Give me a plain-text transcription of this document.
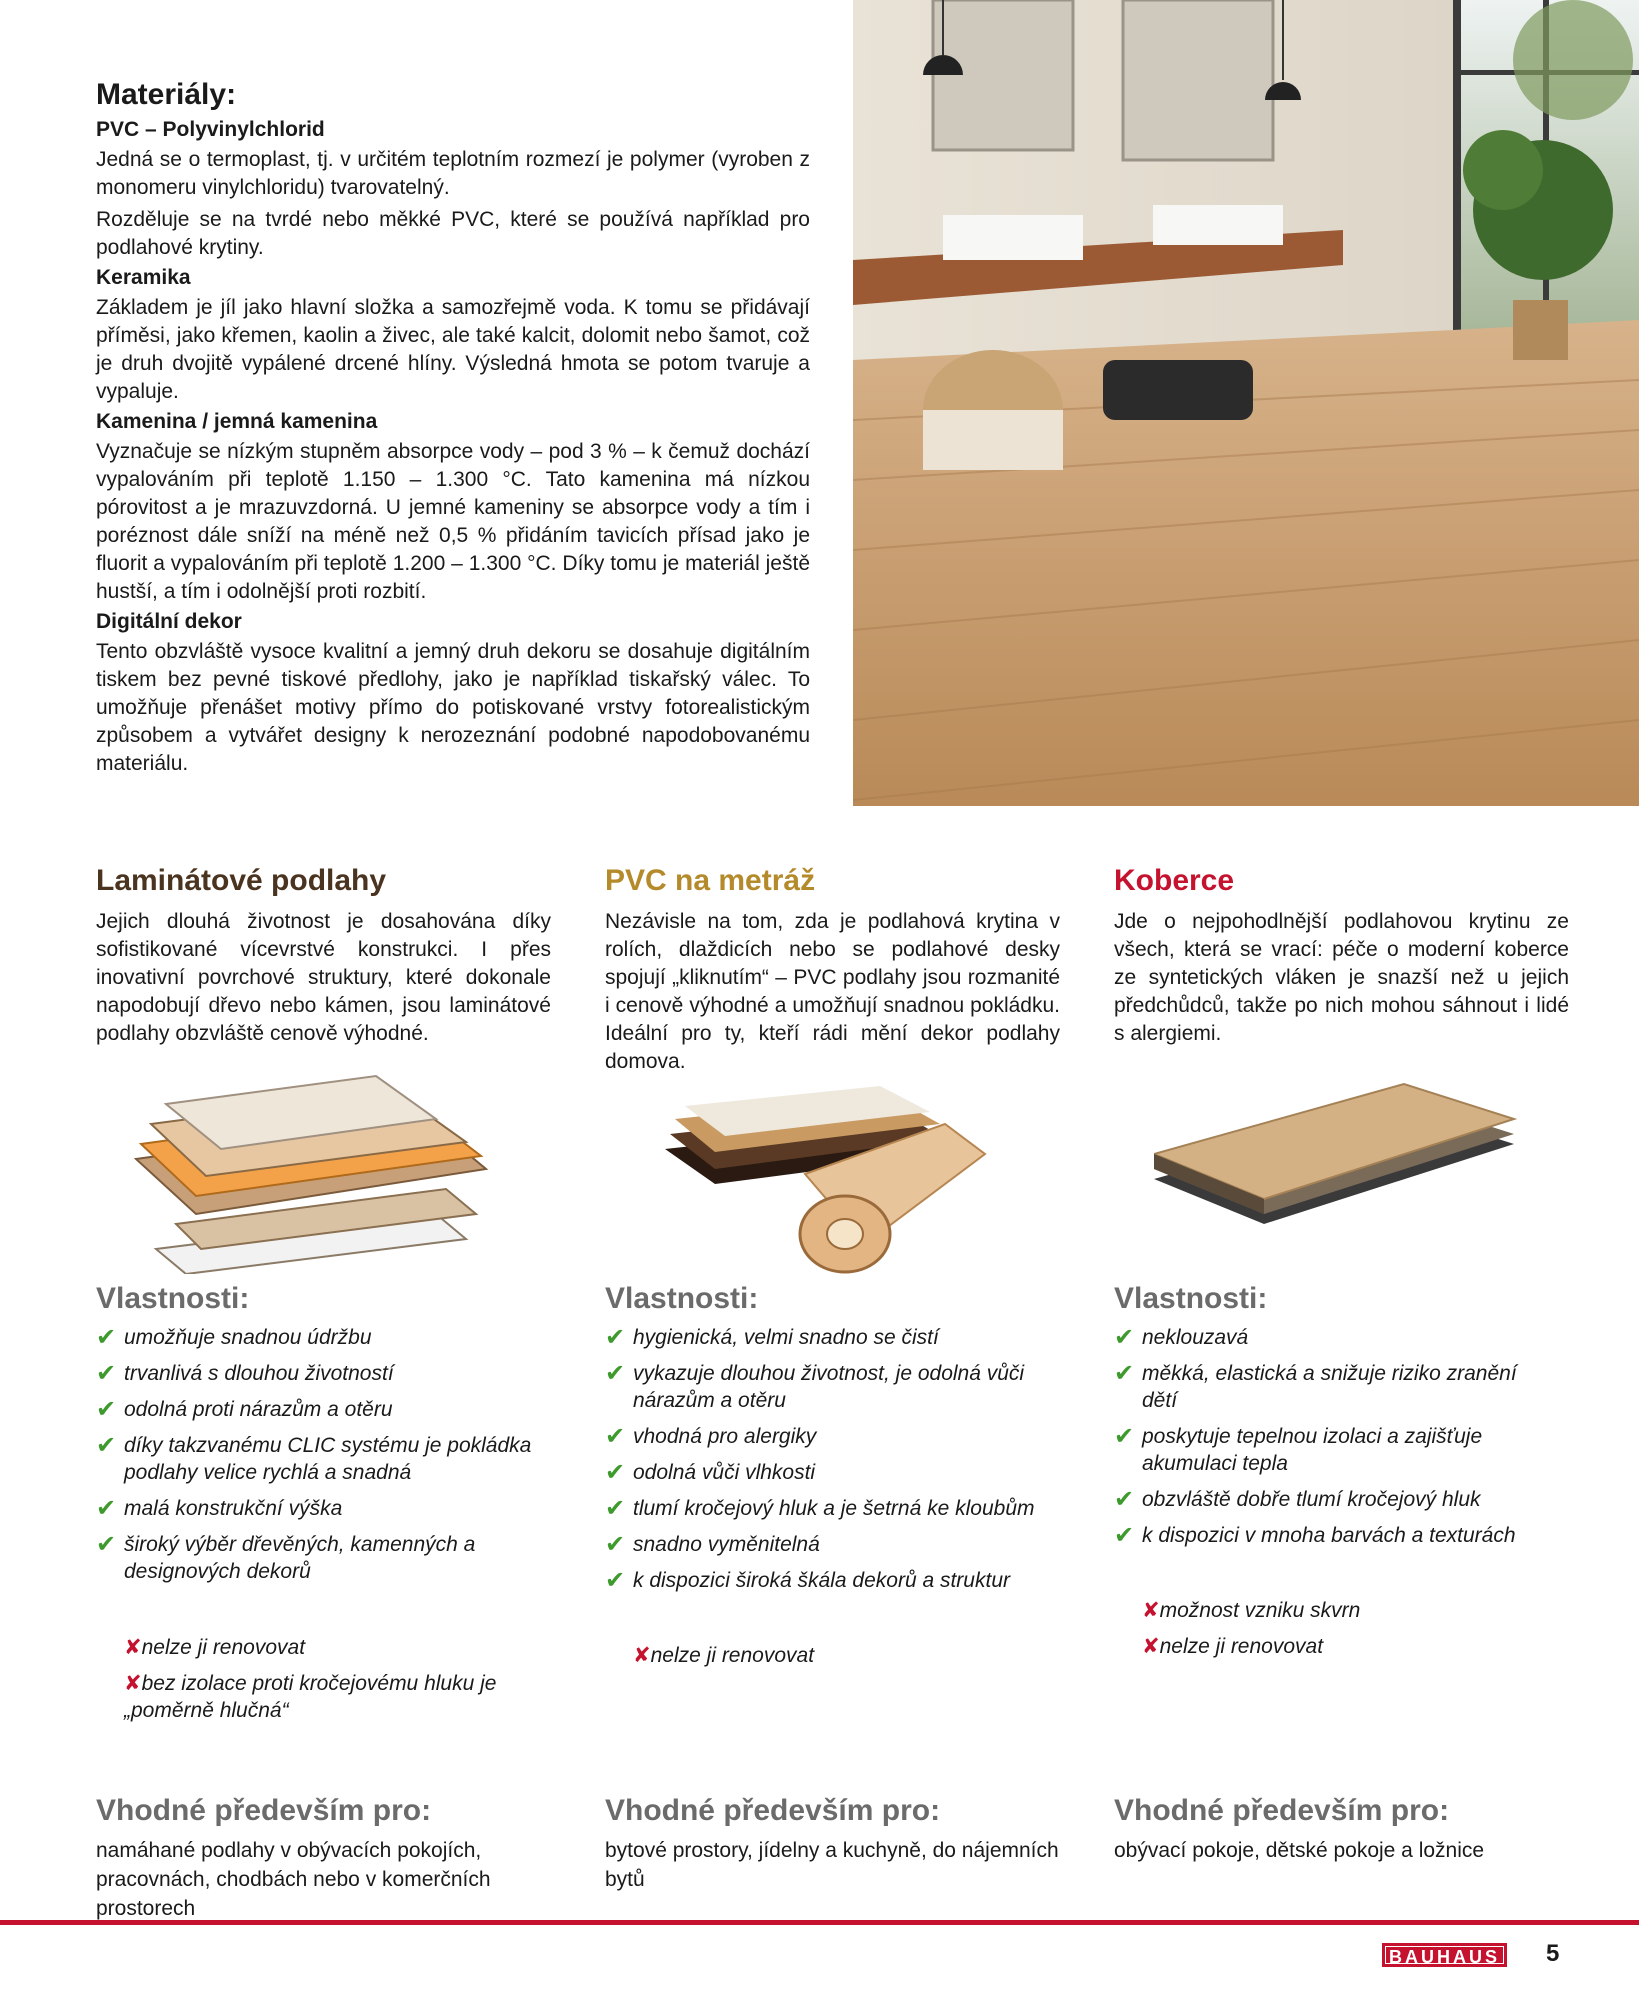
Materiály:
PVC – Polyvinylchlorid

Jedná se o termoplast, tj. v určitém teplotním rozmezí je polymer (vyroben z monomeru vinylchloridu) tvarovatelný.

Rozděluje se na tvrdé nebo měkké PVC, které se používá například pro podlahové krytiny.

Keramika

Základem je jíl jako hlavní složka a samozřejmě voda. K tomu se přidávají příměsi, jako křemen, kaolin a živec, ale také kalcit, dolomit nebo šamot, což je druh dvojitě vypálené drcené hlíny. Výsledná hmota se potom tvaruje a vypaluje.

Kamenina / jemná kamenina

Vyznačuje se nízkým stupněm absorpce vody – pod 3 % – k čemuž dochází vypalováním při teplotě 1.150 – 1.300 °C. Tato kamenina má nízkou pórovitost a je mrazuvzdorná. U jemné kameniny se absorpce vody a tím i poréznost dále sníží na méně než 0,5 % přidáním tavicích přísad jako je fluorit a vypalováním při teplotě 1.200 – 1.300 °C. Díky tomu je materiál ještě hustší, a tím i odolnější proti rozbití.

Digitální dekor

Tento obzvláště vysoce kvalitní a jemný druh dekoru se dosahuje digitálním tiskem bez pevné tiskové předlohy, jako je například tiskařský válec. To umožňuje přenášet motivy přímo do potiskované vrstvy fotorealistickým způsobem a vytvářet designy k nerozeznání podobné napodobovanému materiálu.

Laminátové podlahy

Jejich dlouhá životnost je dosahována díky sofistikované vícevrstvé konstrukci. I přes inovativní povrchové struktury, které dokonale napodobují dřevo nebo kámen, jsou laminátové podlahy obzvláště cenově výhodné.

Vlastnosti:
✔ umožňuje snadnou údržbu
✔ trvanlivá s dlouhou životností
✔ odolná proti nárazům a otěru
✔ díky takzvanému CLIC systému je pokládka podlahy velice rychlá a snadná
✔ malá konstrukční výška
✔ široký výběr dřevěných, kamenných a designových dekorů
✘nelze ji renovovat
✘bez izolace proti kročejovému hluku je „poměrně hlučná“
Vhodné především pro:
namáhané podlahy v obývacích pokojích, pracovnách, chodbách nebo v komerčních prostorech
PVC na metráž

Nezávisle na tom, zda je podlahová krytina v rolích, dlaždicích nebo se podlahové desky spojují „kliknutím“ – PVC podlahy jsou rozmanité i cenově výhodné a umožňují snadnou pokládku. Ideální pro ty, kteří rádi mění dekor podlahy domova.

Vlastnosti:
✔ hygienická, velmi snadno se čistí
✔ vykazuje dlouhou životnost, je odolná vůči nárazům a otěru
✔ vhodná pro alergiky
✔ odolná vůči vlhkosti
✔ tlumí kročejový hluk a je šetrná ke kloubům
✔ snadno vyměnitelná
✔ k dispozici široká škála dekorů a struktur
✘nelze ji renovovat
Vhodné především pro:
bytové prostory, jídelny a kuchyně, do nájemních bytů
Koberce

Jde o nejpohodlnější podlahovou krytinu ze všech, která se vrací: péče o moderní koberce ze syntetických vláken je snazší než u jejich předchůdců, takže po nich mohou sáhnout i lidé s alergiemi.

Vlastnosti:
✔ neklouzavá
✔ měkká, elastická a snižuje riziko zranění dětí
✔ poskytuje tepelnou izolaci a zajišťuje akumulaci tepla
✔ obzvláště dobře tlumí kročejový hluk
✔ k dispozici v mnoha barvách a texturách
✘možnost vzniku skvrn
✘nelze ji renovovat
Vhodné především pro:
obývací pokoje, dětské pokoje a ložnice
BAUHAUS 5
